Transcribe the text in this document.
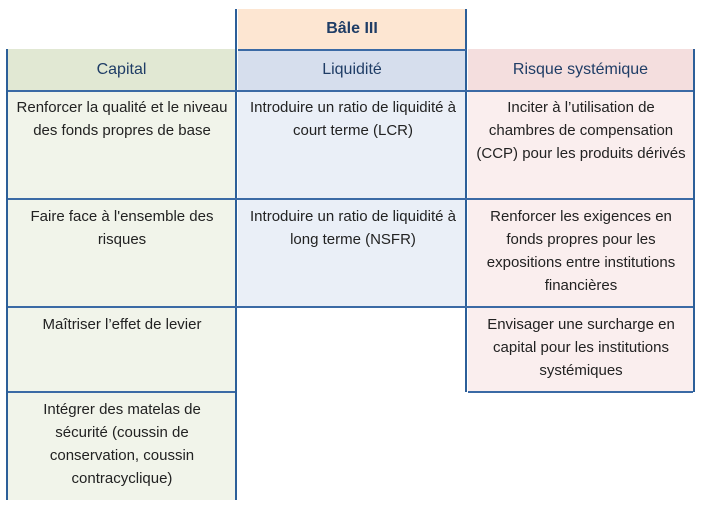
Bâle III
Capital
Renforcer la qualité et le niveau des fonds propres de base
Faire face à l'ensemble des risques
Maîtriser l’effet de levier
Intégrer des matelas de sécurité (coussin de conservation, coussin contracyclique)
Liquidité
Introduire un ratio de liquidité à court terme (LCR)
Introduire un ratio de liquidité à long terme (NSFR)
Risque systémique
Inciter à l’utilisation de chambres de compensation (CCP) pour les produits dérivés
Renforcer les exigences en fonds propres pour les expositions entre institutions financières
Envisager une surcharge en capital pour les institutions systémiques
